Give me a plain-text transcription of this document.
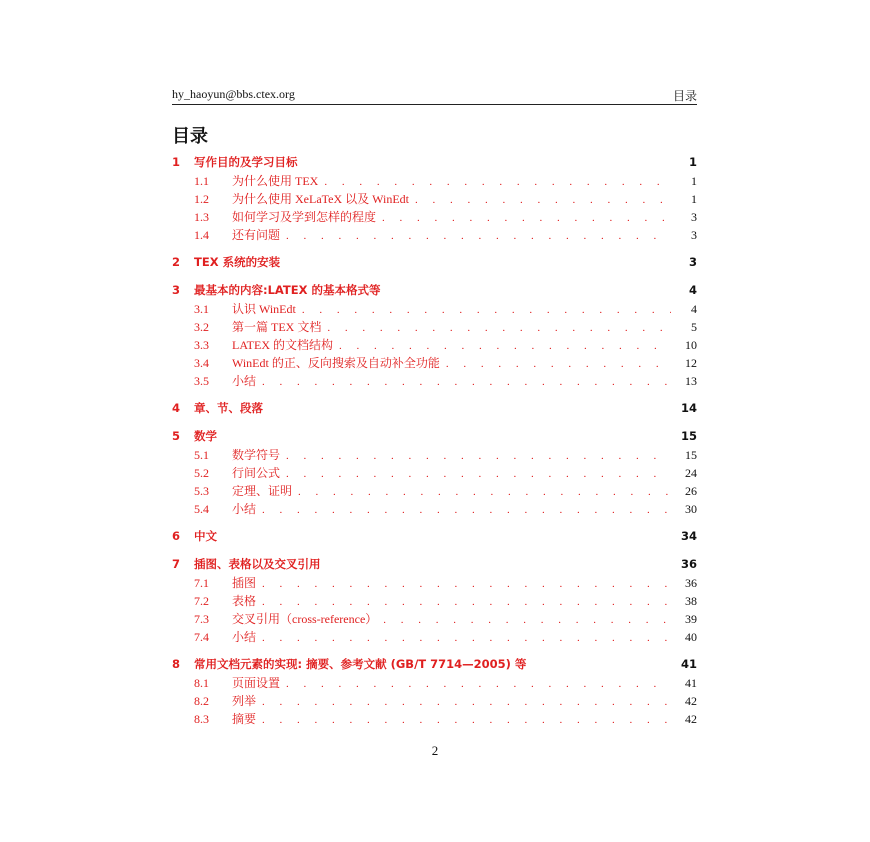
hy_haoyun@bbs.ctex.org	目录
目录
1	写作目的及学习目标	1
1.1	为什么使用 TEX . . .	1
1.2	为什么使用 XeLaTeX 以及 WinEdt . . .	1
1.3	如何学习及学到怎样的程度 . . .	3
1.4	还有问题 . . .	3
2	TEX 系统的安装	3
3	最基本的内容:LATEX 的基本格式等	4
3.1	认识 WinEdt . . .	4
3.2	第一篇 TEX 文档 . . .	5
3.3	LATEX 的文档结构 . . .	10
3.4	WinEdt 的正、反向搜索及自动补全功能 . . .	12
3.5	小结 . . .	13
4	章、节、段落	14
5	数学	15
5.1	数学符号 . . .	15
5.2	行间公式 . . .	24
5.3	定理、证明 . . .	26
5.4	小结 . . .	30
6	中文	34
7	插图、表格以及交叉引用	36
7.1	插图 . . .	36
7.2	表格 . . .	38
7.3	交叉引用（cross-reference） . . .	39
7.4	小结 . . .	40
8	常用文档元素的实现: 摘要、参考文献 (GB/T 7714—2005) 等	41
8.1	页面设置 . . .	41
8.2	列举 . . .	42
8.3	摘要 . . .	42
2
